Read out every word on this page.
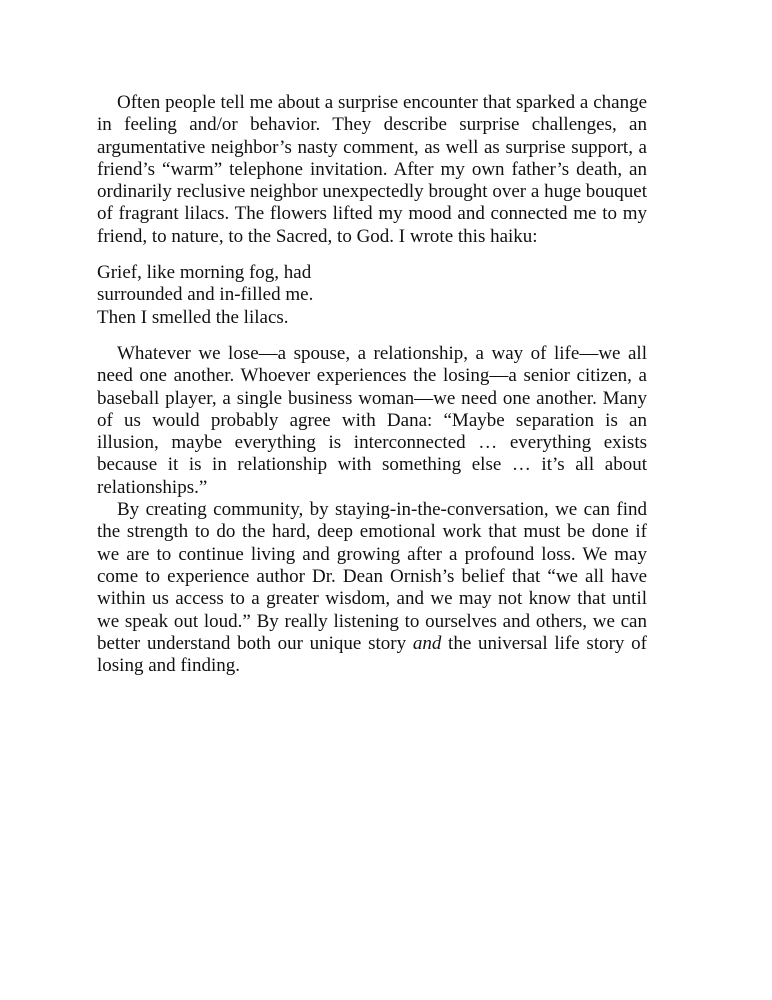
Often people tell me about a surprise encounter that sparked a change in feeling and/or behavior. They describe surprise challenges, an argumentative neighbor’s nasty comment, as well as surprise support, a friend’s “warm” telephone invitation. After my own father’s death, an ordinarily reclusive neighbor unexpectedly brought over a huge bouquet of fragrant lilacs. The flowers lifted my mood and connected me to my friend, to nature, to the Sacred, to God. I wrote this haiku:

Grief, like morning fog, had
surrounded and in-filled me.
Then I smelled the lilacs.

Whatever we lose—a spouse, a relationship, a way of life—we all need one another. Whoever experiences the losing—a senior citizen, a baseball player, a single business woman—we need one another. Many of us would probably agree with Dana: “Maybe separation is an illusion, maybe everything is interconnected … everything exists because it is in relationship with something else … it’s all about relationships.”

By creating community, by staying-in-the-conversation, we can find the strength to do the hard, deep emotional work that must be done if we are to continue living and growing after a profound loss. We may come to experience author Dr. Dean Ornish’s belief that “we all have within us access to a greater wisdom, and we may not know that until we speak out loud.” By really listening to ourselves and others, we can better understand both our unique story and the universal life story of losing and finding.
